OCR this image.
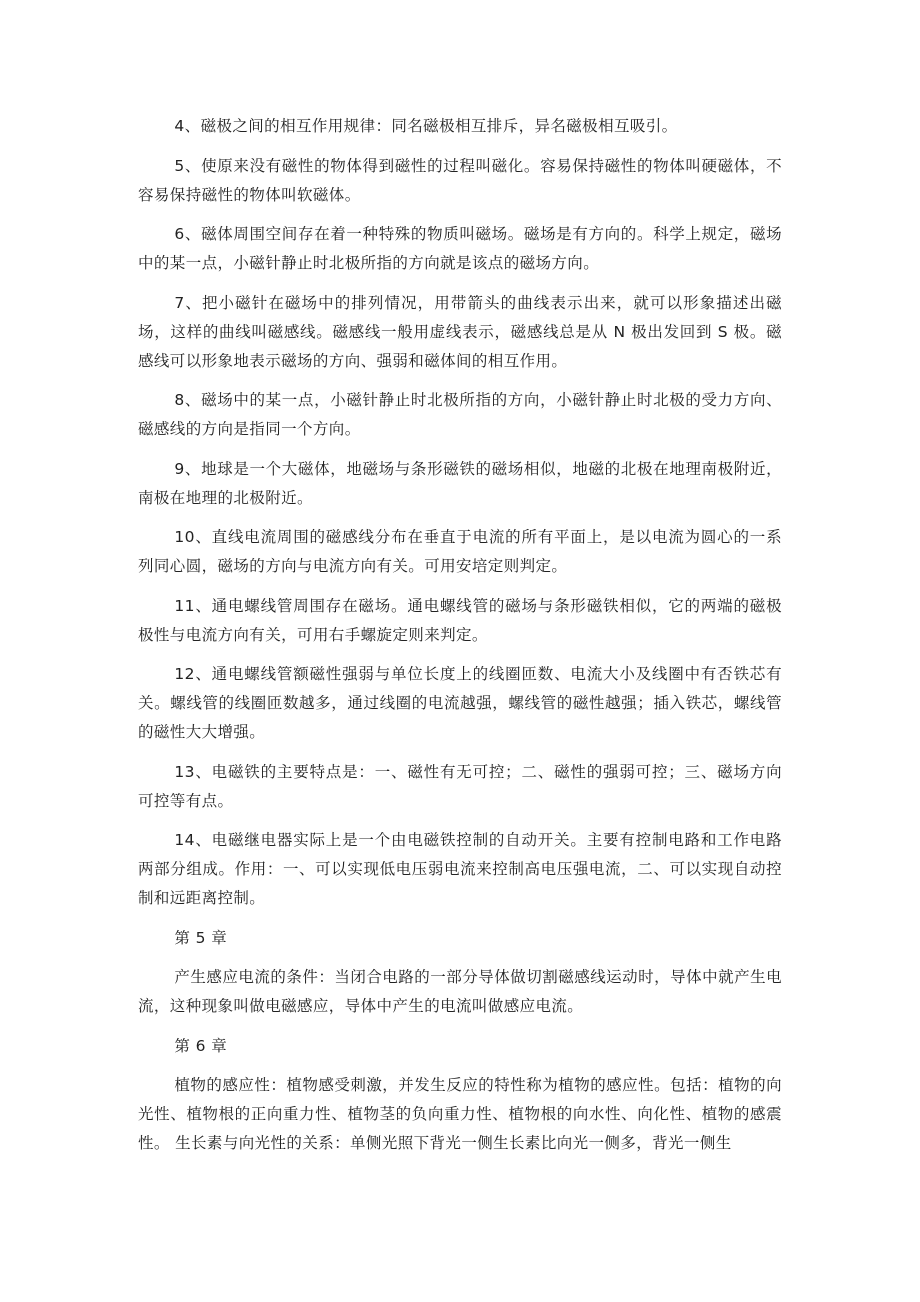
4、磁极之间的相互作用规律：同名磁极相互排斥，异名磁极相互吸引。

5、使原来没有磁性的物体得到磁性的过程叫磁化。容易保持磁性的物体叫硬磁体，不容易保持磁性的物体叫软磁体。

6、磁体周围空间存在着一种特殊的物质叫磁场。磁场是有方向的。科学上规定，磁场中的某一点，小磁针静止时北极所指的方向就是该点的磁场方向。

7、把小磁针在磁场中的排列情况，用带箭头的曲线表示出来，就可以形象描述出磁场，这样的曲线叫磁感线。磁感线一般用虚线表示，磁感线总是从 N 极出发回到 S 极。磁感线可以形象地表示磁场的方向、强弱和磁体间的相互作用。

8、磁场中的某一点，小磁针静止时北极所指的方向，小磁针静止时北极的受力方向、磁感线的方向是指同一个方向。

9、地球是一个大磁体，地磁场与条形磁铁的磁场相似，地磁的北极在地理南极附近，南极在地理的北极附近。

10、直线电流周围的磁感线分布在垂直于电流的所有平面上，是以电流为圆心的一系列同心圆，磁场的方向与电流方向有关。可用安培定则判定。

11、通电螺线管周围存在磁场。通电螺线管的磁场与条形磁铁相似，它的两端的磁极极性与电流方向有关，可用右手螺旋定则来判定。

12、通电螺线管额磁性强弱与单位长度上的线圈匝数、电流大小及线圈中有否铁芯有关。螺线管的线圈匝数越多，通过线圈的电流越强，螺线管的磁性越强；插入铁芯，螺线管的磁性大大增强。

13、电磁铁的主要特点是：一、磁性有无可控；二、磁性的强弱可控；三、磁场方向可控等有点。

14、电磁继电器实际上是一个由电磁铁控制的自动开关。主要有控制电路和工作电路两部分组成。作用：一、可以实现低电压弱电流来控制高电压强电流，二、可以实现自动控制和远距离控制。

第 5 章

产生感应电流的条件：当闭合电路的一部分导体做切割磁感线运动时，导体中就产生电流，这种现象叫做电磁感应，导体中产生的电流叫做感应电流。

第 6 章

植物的感应性：植物感受刺激，并发生反应的特性称为植物的感应性。包括：植物的向光性、植物根的正向重力性、植物茎的负向重力性、植物根的向水性、向化性、植物的感震性。 生长素与向光性的关系：单侧光照下背光一侧生长素比向光一侧多，背光一侧生
